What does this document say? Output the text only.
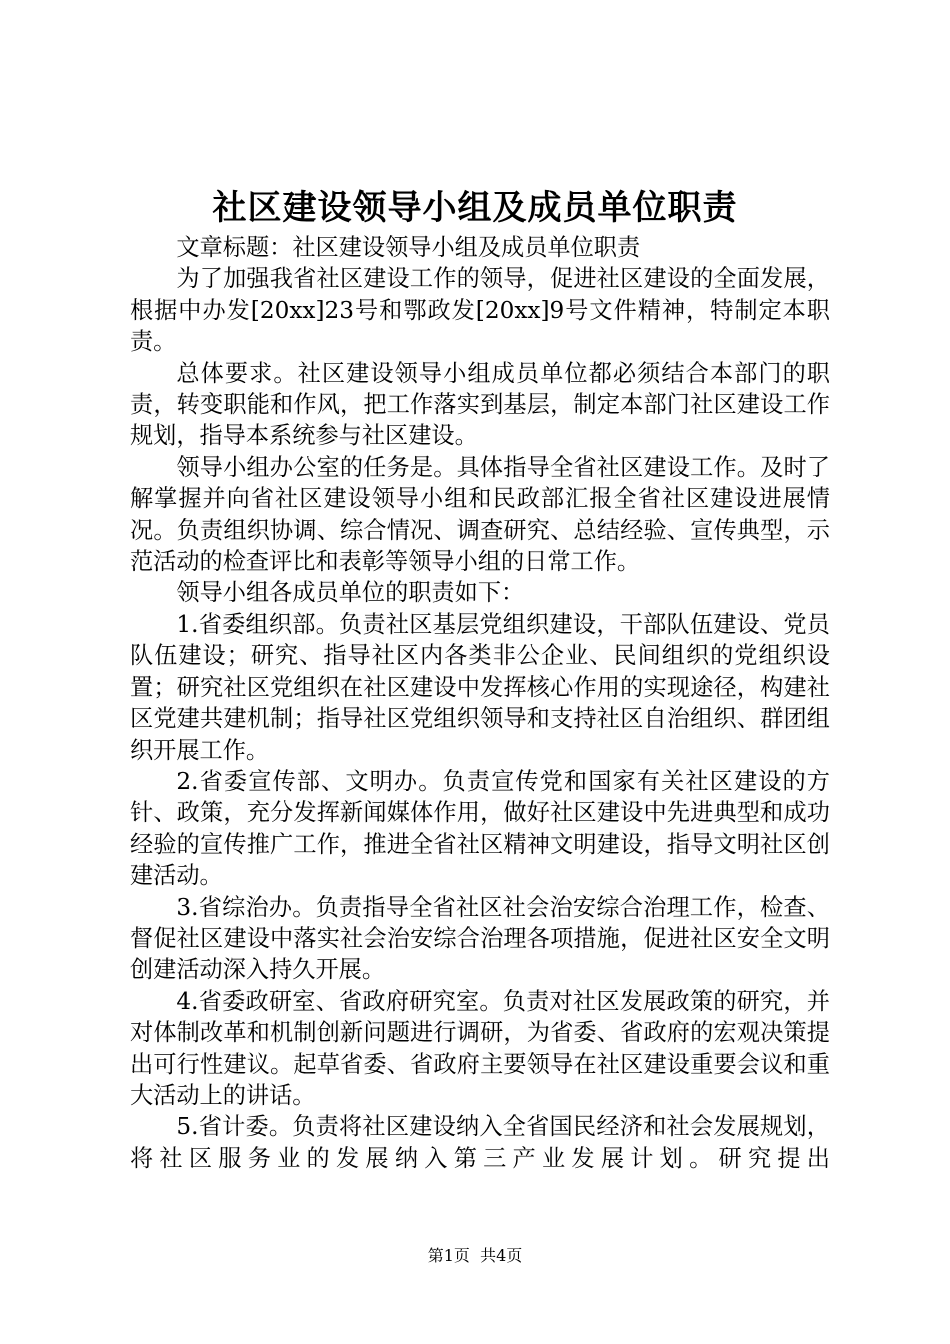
社区建设领导小组及成员单位职责

文章标题：社区建设领导小组及成员单位职责

为了加强我省社区建设工作的领导，促进社区建设的全面发展，根据中办发[20xx]23号和鄂政发[20xx]9号文件精神，特制定本职责。

总体要求。社区建设领导小组成员单位都必须结合本部门的职责，转变职能和作风，把工作落实到基层，制定本部门社区建设工作规划，指导本系统参与社区建设。

领导小组办公室的任务是。具体指导全省社区建设工作。及时了解掌握并向省社区建设领导小组和民政部汇报全省社区建设进展情况。负责组织协调、综合情况、调查研究、总结经验、宣传典型，示范活动的检查评比和表彰等领导小组的日常工作。

领导小组各成员单位的职责如下：

1.省委组织部。负责社区基层党组织建设，干部队伍建设、党员队伍建设；研究、指导社区内各类非公企业、民间组织的党组织设置；研究社区党组织在社区建设中发挥核心作用的实现途径，构建社区党建共建机制；指导社区党组织领导和支持社区自治组织、群团组织开展工作。

2.省委宣传部、文明办。负责宣传党和国家有关社区建设的方针、政策，充分发挥新闻媒体作用，做好社区建设中先进典型和成功经验的宣传推广工作，推进全省社区精神文明建设，指导文明社区创建活动。

3.省综治办。负责指导全省社区社会治安综合治理工作，检查、督促社区建设中落实社会治安综合治理各项措施，促进社区安全文明创建活动深入持久开展。

4.省委政研室、省政府研究室。负责对社区发展政策的研究，并对体制改革和机制创新问题进行调研，为省委、省政府的宏观决策提出可行性建议。起草省委、省政府主要领导在社区建设重要会议和重大活动上的讲话。

5.省计委。负责将社区建设纳入全省国民经济和社会发展规划，将社区服务业的发展纳入第三产业发展计划。研究提出

第1页  共4页
